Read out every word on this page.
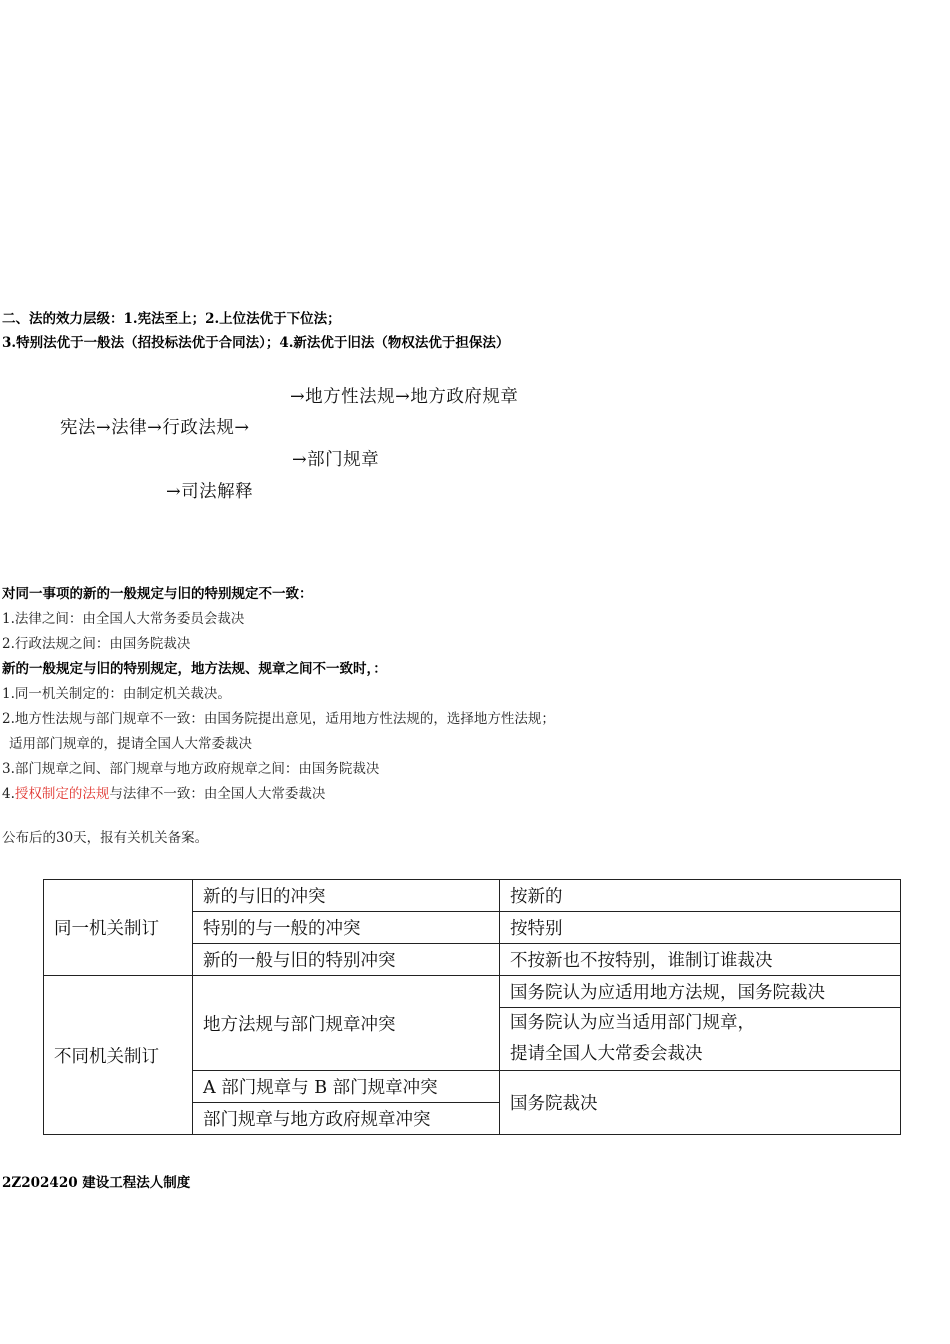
二、法的效力层级：1.宪法至上；2.上位法优于下位法；
3.特别法优于一般法（招投标法优于合同法）；4.新法优于旧法（物权法优于担保法）
→地方性法规→地方政府规章
宪法→法律→行政法规→
→部门规章
→司法解释
对同一事项的新的一般规定与旧的特别规定不一致：
1.法律之间：由全国人大常务委员会裁决
2.行政法规之间：由国务院裁决
新的一般规定与旧的特别规定，地方法规、规章之间不一致时，：
1.同一机关制定的：由制定机关裁决。
2.地方性法规与部门规章不一致：由国务院提出意见，适用地方性法规的，选择地方性法规；
适用部门规章的，提请全国人大常委裁决
3.部门规章之间、部门规章与地方政府规章之间：由国务院裁决
4.授权制定的法规与法律不一致：由全国人大常委裁决
公布后的30天，报有关机关备案。
同一机关制订	新的与旧的冲突	按新的
	特别的与一般的冲突	按特别
	新的一般与旧的特别冲突	不按新也不按特别，谁制订谁裁决
不同机关制订	地方法规与部门规章冲突	国务院认为应适用地方法规，国务院裁决

		国务院认为应当适用部门规章，
提请全国人大常委会裁决

	A 部门规章与 B 部门规章冲突	国务院裁决
	部门规章与地方政府规章冲突	
2Z202420 建设工程法人制度
